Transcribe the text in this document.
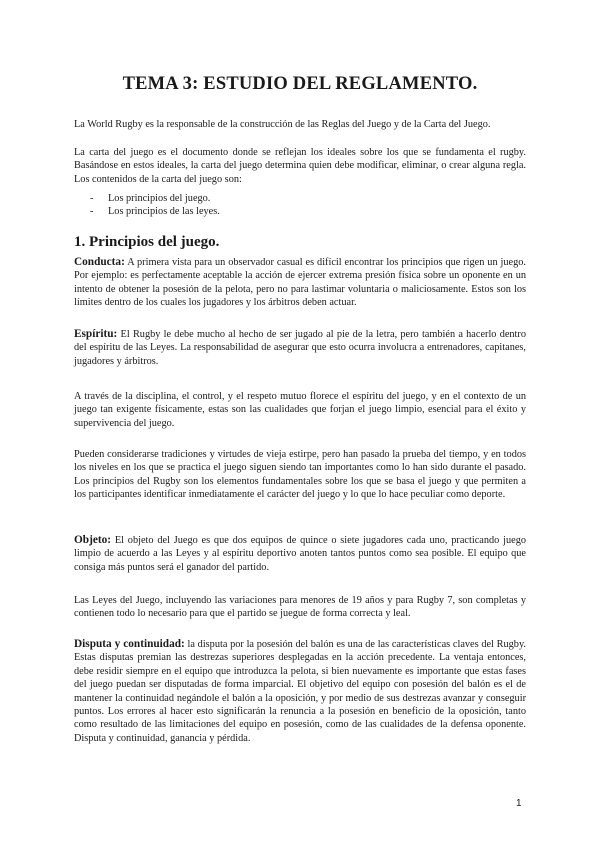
TEMA 3: ESTUDIO DEL REGLAMENTO.

La World Rugby es la responsable de la construcción de las Reglas del Juego y de la Carta del Juego.

La carta del juego es el documento donde se reflejan los ideales sobre los que se fundamenta el rugby. Basándose en estos ideales, la carta del juego determina quien debe modificar, eliminar, o crear alguna regla. Los contenidos de la carta del juego son:

- Los principios del juego.
- Los principios de las leyes.
1. Principios del juego.

Conducta: A primera vista para un observador casual es difícil encontrar los principios que rigen un juego. Por ejemplo: es perfectamente aceptable la acción de ejercer extrema presión física sobre un oponente en un intento de obtener la posesión de la pelota, pero no para lastimar voluntaria o maliciosamente. Estos son los límites dentro de los cuales los jugadores y los árbitros deben actuar.

Espíritu: El Rugby le debe mucho al hecho de ser jugado al pie de la letra, pero también a hacerlo dentro del espíritu de las Leyes. La responsabilidad de asegurar que esto ocurra involucra a entrenadores, capitanes, jugadores y árbitros.

A través de la disciplina, el control, y el respeto mutuo florece el espíritu del juego, y en el contexto de un juego tan exigente físicamente, estas son las cualidades que forjan el juego limpio, esencial para el éxito y supervivencia del juego.

Pueden considerarse tradiciones y virtudes de vieja estirpe, pero han pasado la prueba del tiempo, y en todos los niveles en los que se practica el juego siguen siendo tan importantes como lo han sido durante el pasado. Los principios del Rugby son los elementos fundamentales sobre los que se basa el juego y que permiten a los participantes identificar inmediatamente el carácter del juego y lo que lo hace peculiar como deporte.

Objeto: El objeto del Juego es que dos equipos de quince o siete jugadores cada uno, practicando juego limpio de acuerdo a las Leyes y al espíritu deportivo anoten tantos puntos como sea posible. El equipo que consiga más puntos será el ganador del partido.

Las Leyes del Juego, incluyendo las variaciones para menores de 19 años y para Rugby 7, son completas y contienen todo lo necesario para que el partido se juegue de forma correcta y leal.

Disputa y continuidad: la disputa por la posesión del balón es una de las características claves del Rugby. Estas disputas premian las destrezas superiores desplegadas en la acción precedente. La ventaja entonces, debe residir siempre en el equipo que introduzca la pelota, si bien nuevamente es importante que estas fases del juego puedan ser disputadas de forma imparcial. El objetivo del equipo con posesión del balón es el de mantener la continuidad negándole el balón a la oposición, y por medio de sus destrezas avanzar y conseguir puntos. Los errores al hacer esto significarán la renuncia a la posesión en beneficio de la oposición, tanto como resultado de las limitaciones del equipo en posesión, como de las cualidades de la defensa oponente. Disputa y continuidad, ganancia y pérdida.

1
